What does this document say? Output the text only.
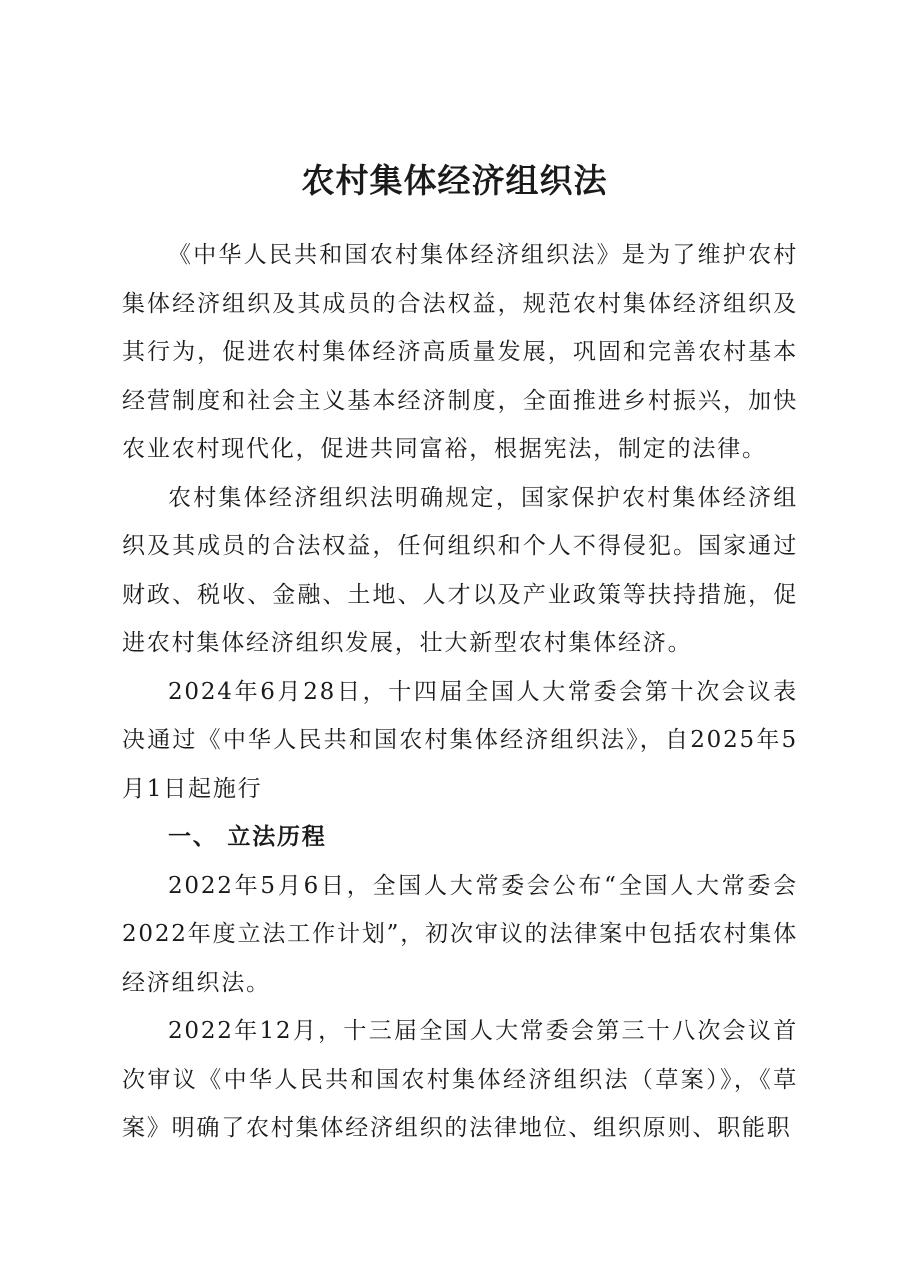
农村集体经济组织法

《中华人民共和国农村集体经济组织法》是为了维护农村集体经济组织及其成员的合法权益，规范农村集体经济组织及其行为，促进农村集体经济高质量发展，巩固和完善农村基本经营制度和社会主义基本经济制度，全面推进乡村振兴，加快农业农村现代化，促进共同富裕，根据宪法，制定的法律。

农村集体经济组织法明确规定，国家保护农村集体经济组织及其成员的合法权益，任何组织和个人不得侵犯。国家通过财政、税收、金融、土地、人才以及产业政策等扶持措施，促进农村集体经济组织发展，壮大新型农村集体经济。

2024年6月28日，十四届全国人大常委会第十次会议表决通过《中华人民共和国农村集体经济组织法》，自2025年5月1日起施行

一、 立法历程

2022年5月6日，全国人大常委会公布“全国人大常委会2022年度立法工作计划”，初次审议的法律案中包括农村集体经济组织法。

2022年12月，十三届全国人大常委会第三十八次会议首次审议《中华人民共和国农村集体经济组织法（草案）》，《草案》明确了农村集体经济组织的法律地位、组织原则、职能职
